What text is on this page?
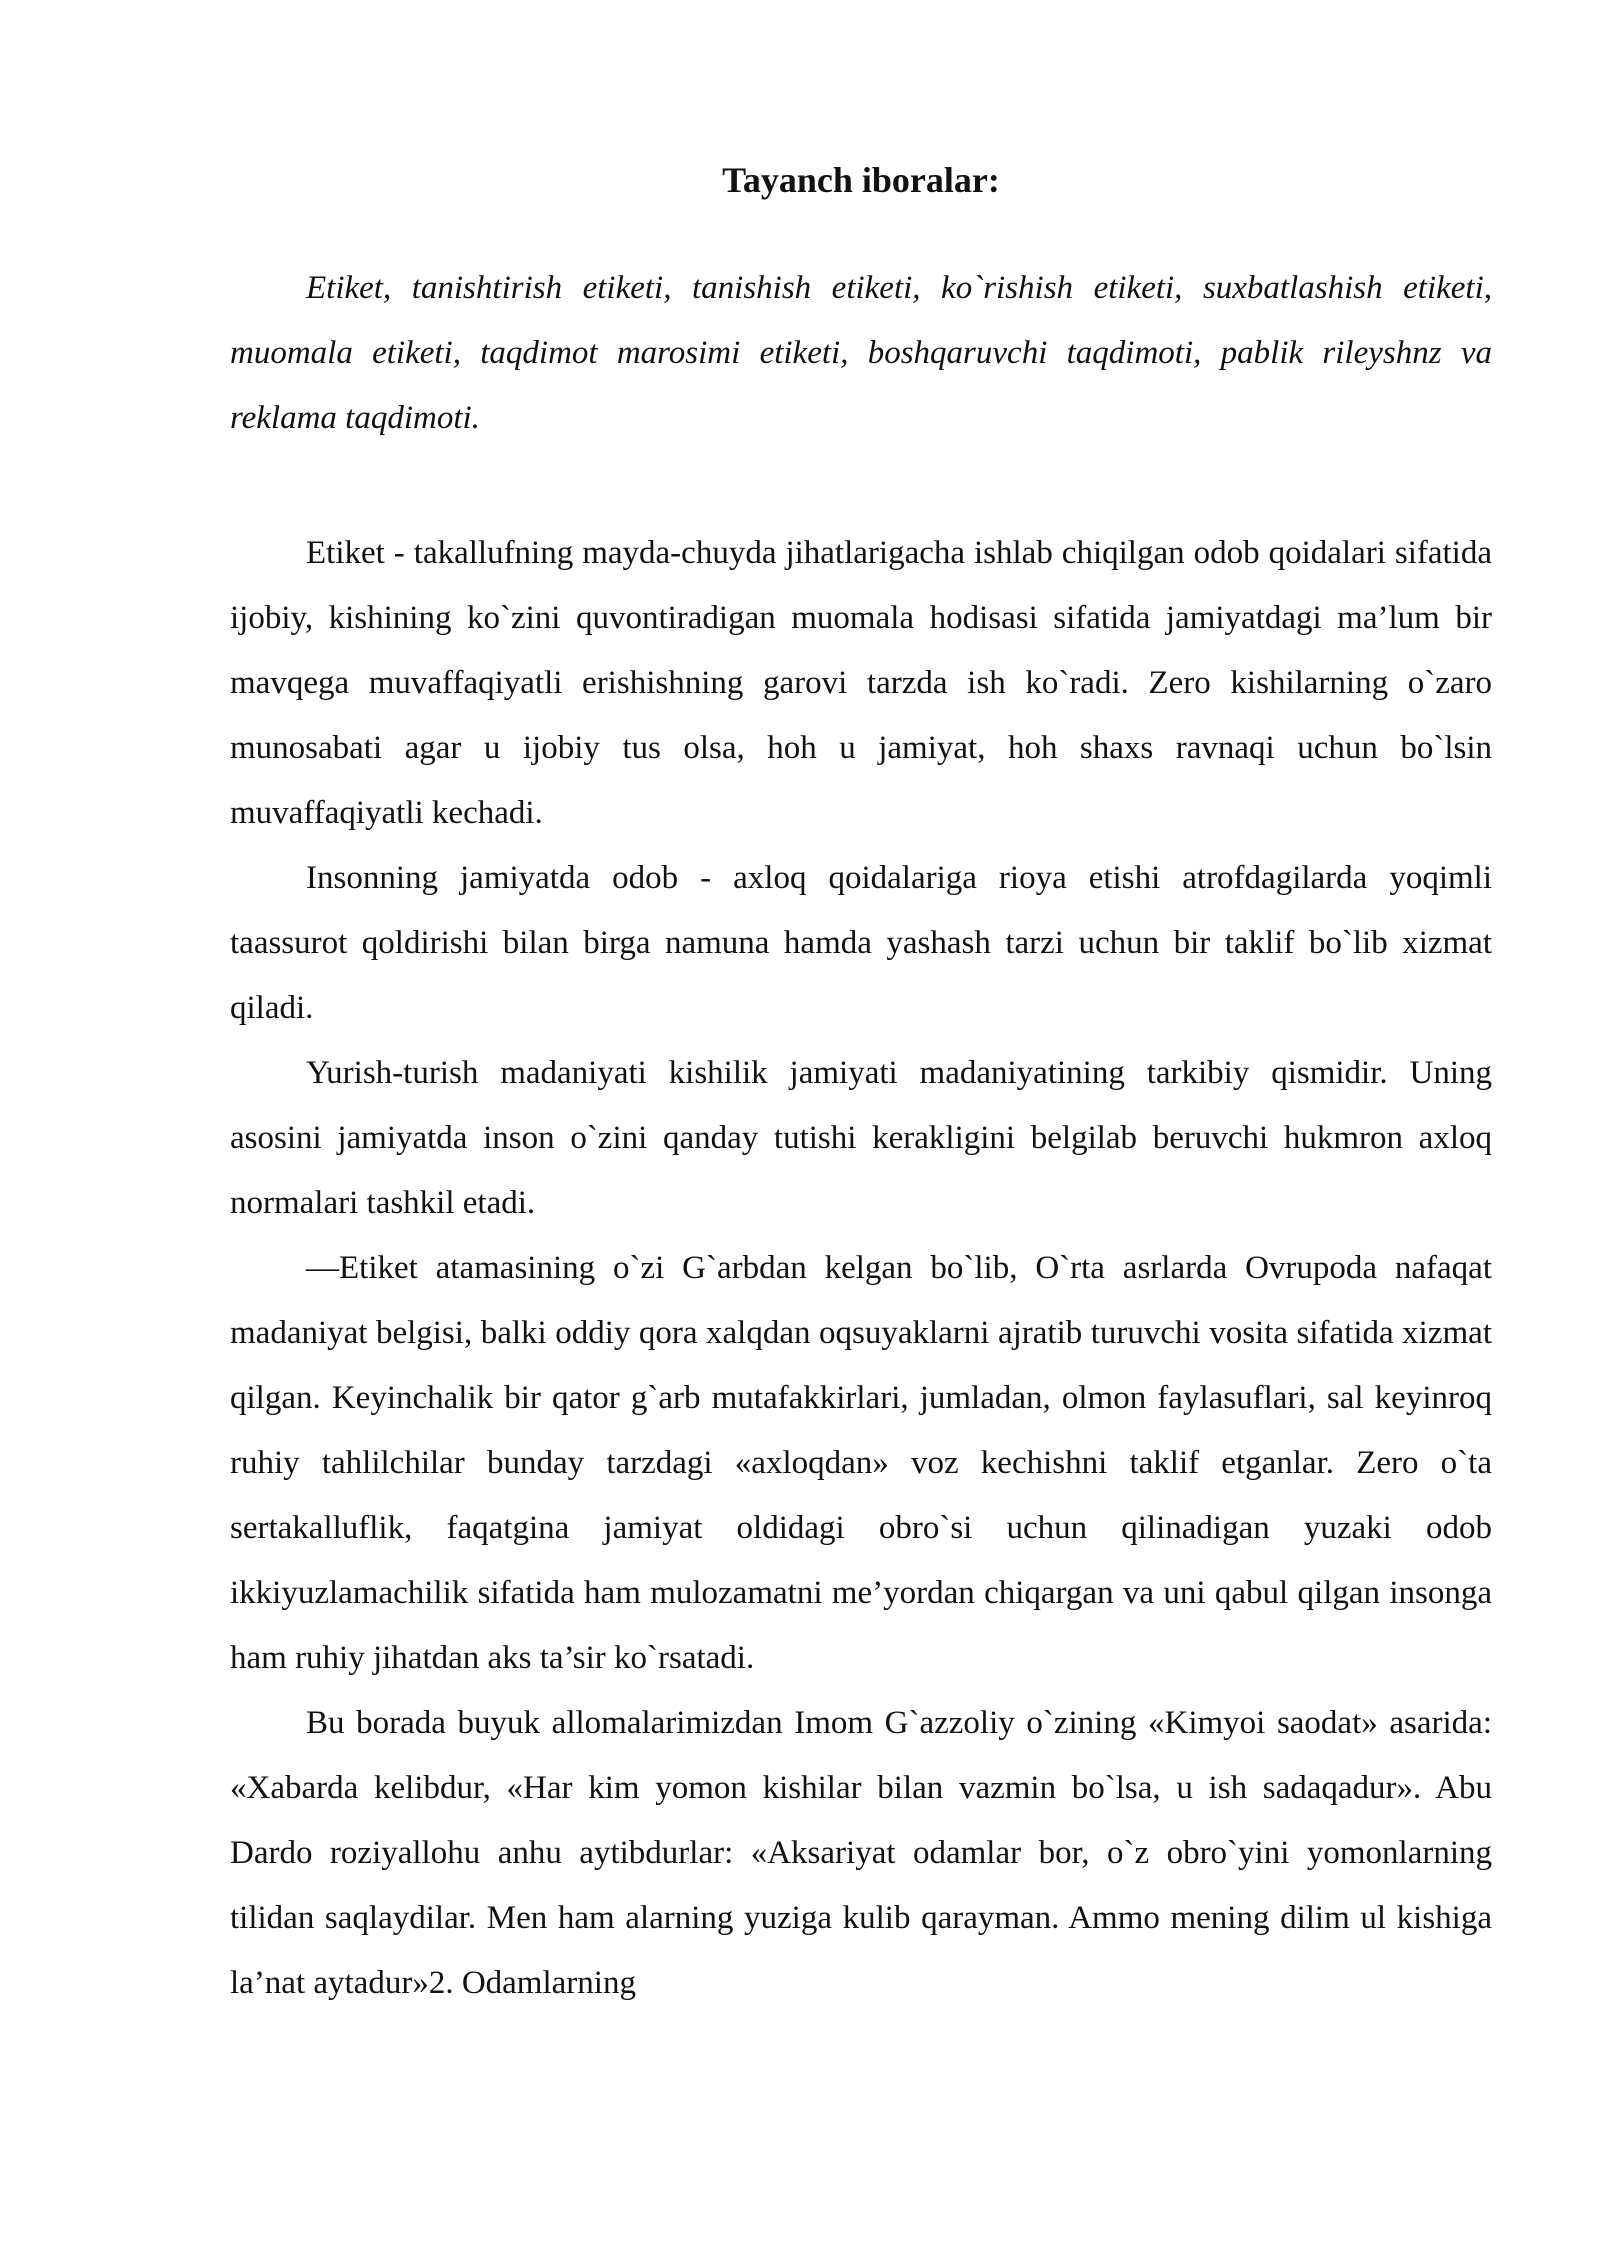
Tayanch iboralar:

Etiket, tanishtirish etiketi, tanishish etiketi, ko`rishish etiketi, suxbatlashish etiketi, muomala etiketi, taqdimot marosimi etiketi, boshqaruvchi taqdimoti, pablik rileyshnz va reklama taqdimoti.

Etiket - takallufning mayda-chuyda jihatlarigacha ishlab chiqilgan odob qoidalari sifatida ijobiy, kishining ko`zini quvontiradigan muomala hodisasi sifatida jamiyatdagi ma’lum bir mavqega muvaffaqiyatli erishishning garovi tarzda ish ko`radi. Zero kishilarning o`zaro munosabati agar u ijobiy tus olsa, hoh u jamiyat, hoh shaxs ravnaqi uchun bo`lsin muvaffaqiyatli kechadi.

Insonning jamiyatda odob - axloq qoidalariga rioya etishi atrofdagilarda yoqimli taassurot qoldirishi bilan birga namuna hamda yashash tarzi uchun bir taklif bo`lib xizmat qiladi.

Yurish-turish madaniyati kishilik jamiyati madaniyatining tarkibiy qismidir. Uning asosini jamiyatda inson o`zini qanday tutishi kerakligini belgilab beruvchi hukmron axloq normalari tashkil etadi.

―Etiket atamasining o`zi G`arbdan kelgan bo`lib, O`rta asrlarda Ovrupoda nafaqat madaniyat belgisi, balki oddiy qora xalqdan oqsuyaklarni ajratib turuvchi vosita sifatida xizmat qilgan. Keyinchalik bir qator g`arb mutafakkirlari, jumladan, olmon faylasuflari, sal keyinroq ruhiy tahlilchilar bunday tarzdagi «axloqdan» voz kechishni taklif etganlar. Zero o`ta sertakalluflik, faqatgina jamiyat oldidagi obro`si uchun qilinadigan yuzaki odob ikkiyuzlamachilik sifatida ham mulozamatni me’yordan chiqargan va uni qabul qilgan insonga ham ruhiy jihatdan aks ta’sir ko`rsatadi.

Bu borada buyuk allomalarimizdan Imom G`azzoliy o`zining «Kimyoi saodat» asarida: «Xabarda kelibdur, «Har kim yomon kishilar bilan vazmin bo`lsa, u ish sadaqadur». Abu Dardo roziyallohu anhu aytibdurlar: «Aksariyat odamlar bor, o`z obro`yini yomonlarning tilidan saqlaydilar. Men ham alarning yuziga kulib qarayman. Ammo mening dilim ul kishiga la’nat aytadur»2. Odamlarning
